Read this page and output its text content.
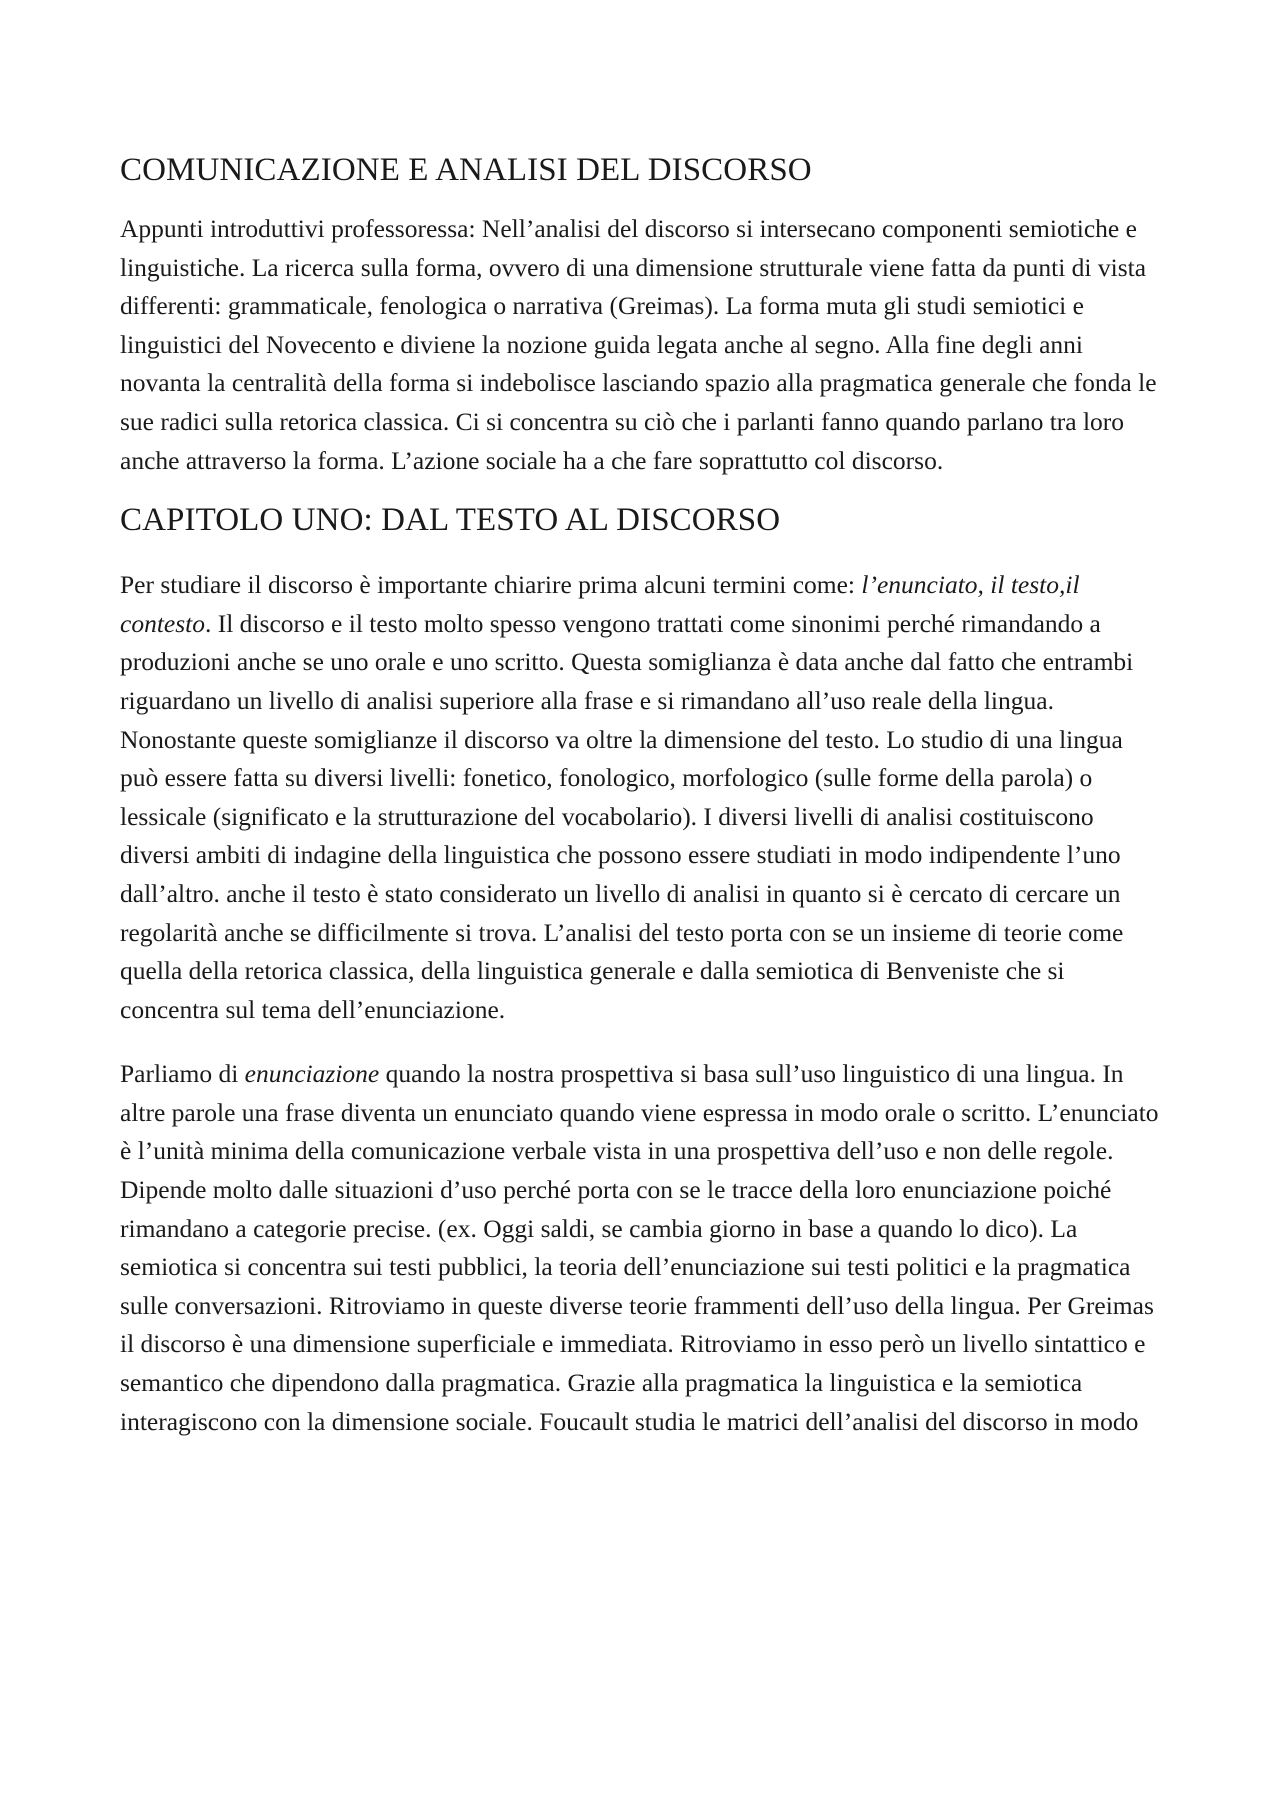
COMUNICAZIONE E ANALISI DEL DISCORSO

Appunti introduttivi professoressa: Nell’analisi del discorso si intersecano componenti semiotiche e linguistiche. La ricerca sulla forma, ovvero di una dimensione strutturale viene fatta da punti di vista differenti: grammaticale, fenologica o narrativa (Greimas). La forma muta gli studi semiotici e linguistici del Novecento e diviene la nozione guida legata anche al segno. Alla fine degli anni novanta la centralità della forma si indebolisce lasciando spazio alla pragmatica generale che fonda le sue radici sulla retorica classica. Ci si concentra su ciò che i parlanti fanno quando parlano tra loro anche attraverso la forma. L’azione sociale ha a che fare soprattutto col discorso.

CAPITOLO UNO: DAL TESTO AL DISCORSO

Per studiare il discorso è importante chiarire prima alcuni termini come: l’enunciato, il testo,il contesto. Il discorso e il testo molto spesso vengono trattati come sinonimi perché rimandando a produzioni anche se uno orale e uno scritto. Questa somiglianza è data anche dal fatto che entrambi riguardano un livello di analisi superiore alla frase e si rimandano all’uso reale della lingua. Nonostante queste somiglianze il discorso va oltre la dimensione del testo. Lo studio di una lingua può essere fatta su diversi livelli: fonetico, fonologico, morfologico (sulle forme della parola) o lessicale (significato e la strutturazione del vocabolario). I diversi livelli di analisi costituiscono diversi ambiti di indagine della linguistica che possono essere studiati in modo indipendente l’uno dall’altro. anche il testo è stato considerato un livello di analisi in quanto si è cercato di cercare un regolarità anche se difficilmente si trova. L’analisi del testo porta con se un insieme di teorie come quella della retorica classica, della linguistica generale e dalla semiotica di Benveniste che si concentra sul tema dell’enunciazione.

Parliamo di enunciazione quando la nostra prospettiva si basa sull’uso linguistico di una lingua. In altre parole una frase diventa un enunciato quando viene espressa in modo orale o scritto. L’enunciato è l’unità minima della comunicazione verbale vista in una prospettiva dell’uso e non delle regole. Dipende molto dalle situazioni d’uso perché porta con se le tracce della loro enunciazione poiché rimandano a categorie precise. (ex. Oggi saldi, se cambia giorno in base a quando lo dico). La semiotica si concentra sui testi pubblici, la teoria dell’enunciazione sui testi politici e la pragmatica sulle conversazioni. Ritroviamo in queste diverse teorie frammenti dell’uso della lingua. Per Greimas il discorso è una dimensione superficiale e immediata. Ritroviamo in esso però un livello sintattico e semantico che dipendono dalla pragmatica. Grazie alla pragmatica la linguistica e la semiotica interagiscono con la dimensione sociale. Foucault studia le matrici dell’analisi del discorso in modo
